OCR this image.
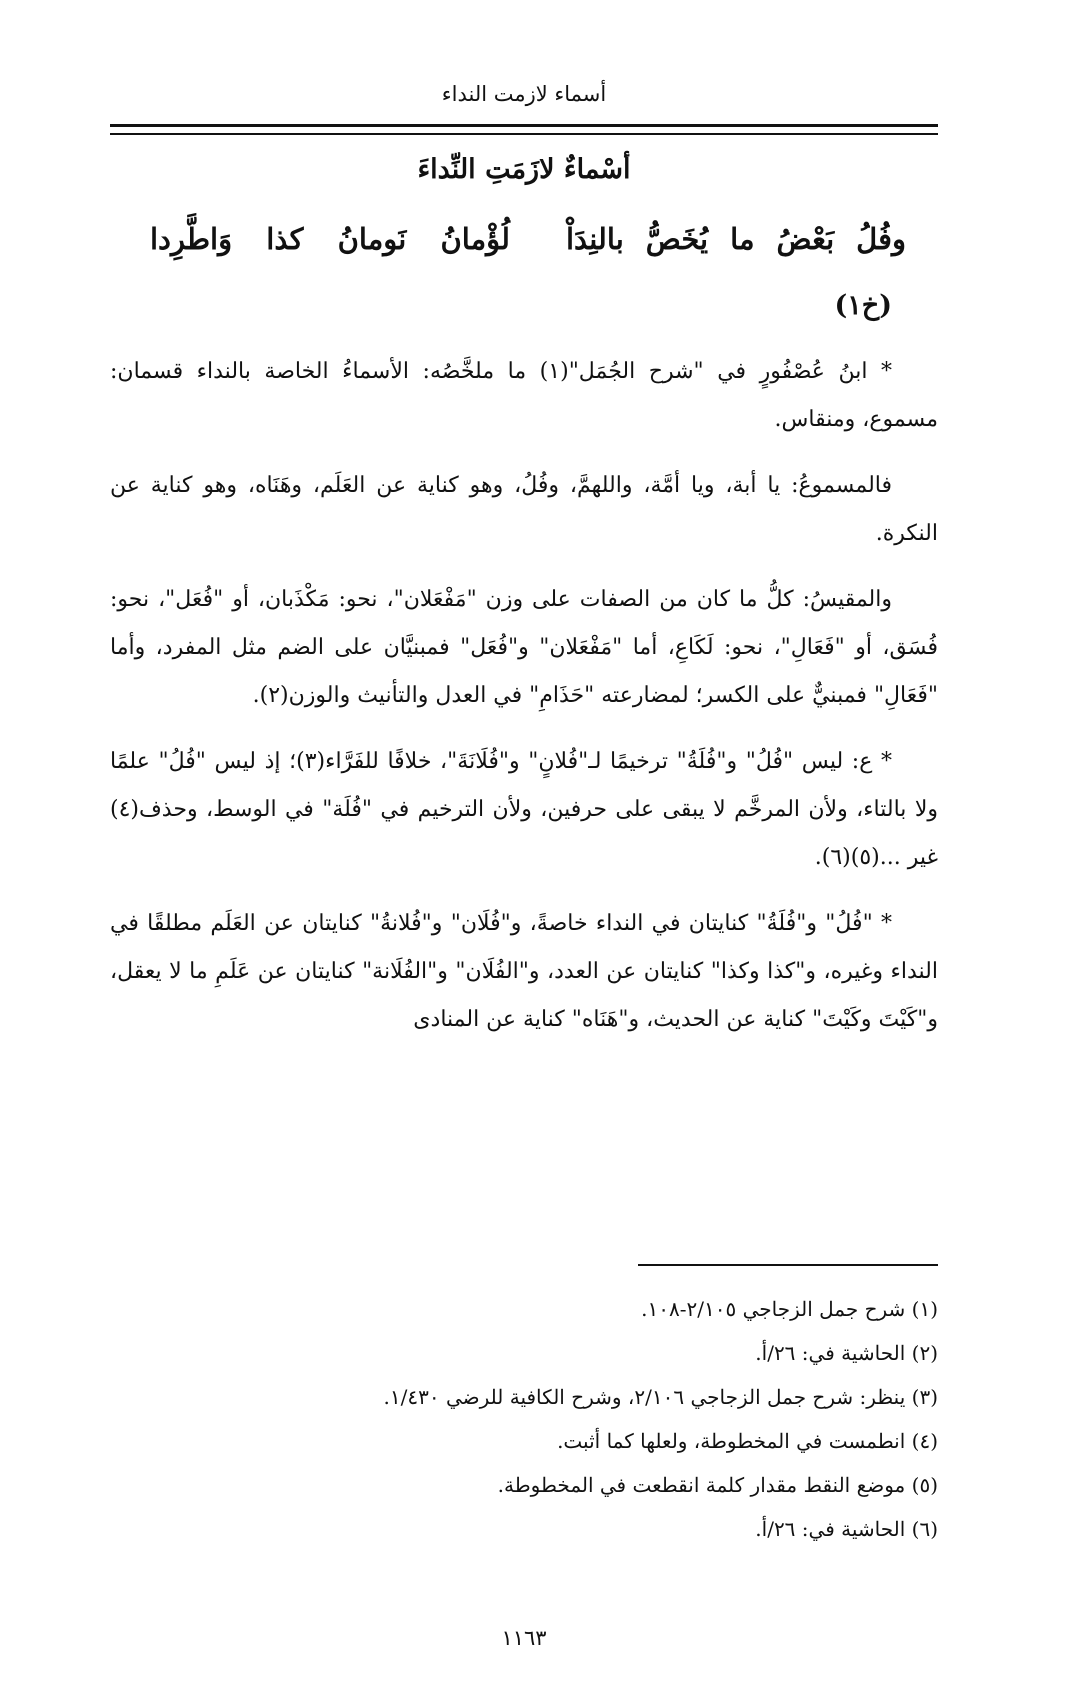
أسماء لازمت النداء
أسْماءٌ لازَمَتِ النِّداءَ
وفُلُ بَعْضُ ما يُخَصُّ بالنِدَاْ
لُؤْمانُ نَومانُ كذا وَاطَّرِدا
(خ١)

* ابنُ عُصْفُورٍ في "شرح الجُمَل"(١) ما ملخَّصُه: الأسماءُ الخاصة بالنداء قسمان: مسموع، ومنقاس.

فالمسموعُ: يا أبة، ويا أمَّة، واللهمَّ، وفُلُ، وهو كناية عن العَلَم، وهَنَاه، وهو كناية عن النكرة.

والمقيسُ: كلُّ ما كان من الصفات على وزن "مَفْعَلان"، نحو: مَكْذَبان، أو "فُعَل"، نحو: فُسَق، أو "فَعَالِ"، نحو: لَكَاعِ، أما "مَفْعَلان" و"فُعَل" فمبنيَّان على الضم مثل المفرد، وأما "فَعَالِ" فمبنيٌّ على الكسر؛ لمضارعته "حَذَامِ" في العدل والتأنيث والوزن(٢).

* ع: ليس "فُلُ" و"فُلَةُ" ترخيمًا لـ"فُلانٍ" و"فُلَانَةَ"، خلافًا للفَرَّاء(٣)؛ إذ ليس "فُلُ" علمًا ولا بالتاء، ولأن المرخَّم لا يبقى على حرفين، ولأن الترخيم في "فُلَة" في الوسط، وحذف(٤) غير ...(٥)(٦).

* "فُلُ" و"فُلَةُ" كنايتان في النداء خاصةً، و"فُلَان" و"فُلانةُ" كنايتان عن العَلَم مطلقًا في النداء وغيره، و"كذا وكذا" كنايتان عن العدد، و"الفُلَان" و"الفُلَانة" كنايتان عن عَلَمِ ما لا يعقل، و"كَيْتَ وكَيْتَ" كناية عن الحديث، و"هَنَاه" كناية عن المنادى

(١) شرح جمل الزجاجي ٢/١٠٥-١٠٨.
(٢) الحاشية في: ٢٦/أ.
(٣) ينظر: شرح جمل الزجاجي ٢/١٠٦، وشرح الكافية للرضي ١/٤٣٠.
(٤) انطمست في المخطوطة، ولعلها كما أثبت.
(٥) موضع النقط مقدار كلمة انقطعت في المخطوطة.
(٦) الحاشية في: ٢٦/أ.
١١٦٣
